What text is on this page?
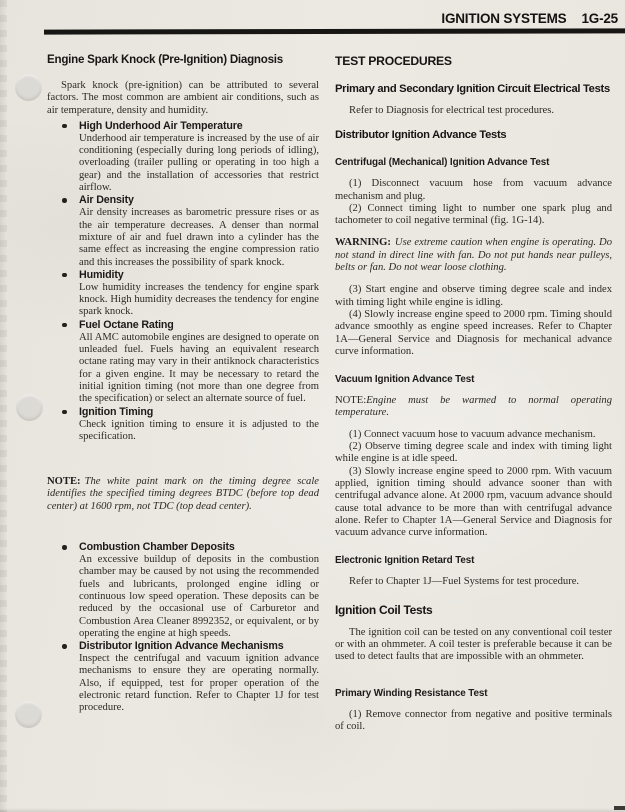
IGNITION SYSTEMS 1G-25
Engine Spark Knock (Pre-Ignition) Diagnosis

Spark knock (pre-ignition) can be attributed to several factors. The most common are ambient air conditions, such as air temperature, density and humidity.

High Underhood Air Temperature

Underhood air temperature is increased by the use of air conditioning (especially during long periods of idling), overloading (trailer pulling or operating in too high a gear) and the installation of accessories that restrict airflow.

Air Density

Air density increases as barometric pressure rises or as the air temperature decreases. A denser than normal mixture of air and fuel drawn into a cylinder has the same effect as increasing the engine compression ratio and this increases the possibility of spark knock.

Humidity

Low humidity increases the tendency for engine spark knock. High humidity decreases the tendency for engine spark knock.

Fuel Octane Rating

All AMC automobile engines are designed to operate on unleaded fuel. Fuels having an equivalent research octane rating may vary in their antiknock characteristics for a given engine. It may be necessary to retard the initial ignition timing (not more than one degree from the specification) or select an alternate source of fuel.

Ignition Timing

Check ignition timing to ensure it is adjusted to the specification.

NOTE: The white paint mark on the timing degree scale identifies the specified timing degrees BTDC (before top dead center) at 1600 rpm, not TDC (top dead center).

Combustion Chamber Deposits

An excessive buildup of deposits in the combustion chamber may be caused by not using the recommended fuels and lubricants, prolonged engine idling or continuous low speed operation. These deposits can be reduced by the occasional use of Carburetor and Combustion Area Cleaner 8992352, or equivalent, or by operating the engine at high speeds.

Distributor Ignition Advance Mechanisms

Inspect the centrifugal and vacuum ignition advance mechanisms to ensure they are operating normally. Also, if equipped, test for proper operation of the electronic retard function. Refer to Chapter 1J for test procedure.

TEST PROCEDURES
Primary and Secondary Ignition Circuit Electrical Tests

Refer to Diagnosis for electrical test procedures.

Distributor Ignition Advance Tests
Centrifugal (Mechanical) Ignition Advance Test

(1) Disconnect vacuum hose from vacuum advance mechanism and plug.

(2) Connect timing light to number one spark plug and tachometer to coil negative terminal (fig. 1G-14).

WARNING: Use extreme caution when engine is operating. Do not stand in direct line with fan. Do not put hands near pulleys, belts or fan. Do not wear loose clothing.

(3) Start engine and observe timing degree scale and index with timing light while engine is idling.

(4) Slowly increase engine speed to 2000 rpm. Timing should advance smoothly as engine speed increases. Refer to Chapter 1A—General Service and Diagnosis for mechanical advance curve information.

Vacuum Ignition Advance Test

NOTE:Engine must be warmed to normal operating temperature.

(1) Connect vacuum hose to vacuum advance mechanism.

(2) Observe timing degree scale and index with timing light while engine is at idle speed.

(3) Slowly increase engine speed to 2000 rpm. With vacuum applied, ignition timing should advance sooner than with centrifugal advance alone. At 2000 rpm, vacuum advance should cause total advance to be more than with centrifugal advance alone. Refer to Chapter 1A—General Service and Diagnosis for vacuum advance curve information.

Electronic Ignition Retard Test

Refer to Chapter 1J—Fuel Systems for test procedure.

Ignition Coil Tests

The ignition coil can be tested on any conventional coil tester or with an ohmmeter. A coil tester is preferable because it can be used to detect faults that are impossible with an ohmmeter.

Primary Winding Resistance Test

(1) Remove connector from negative and positive terminals of coil.
